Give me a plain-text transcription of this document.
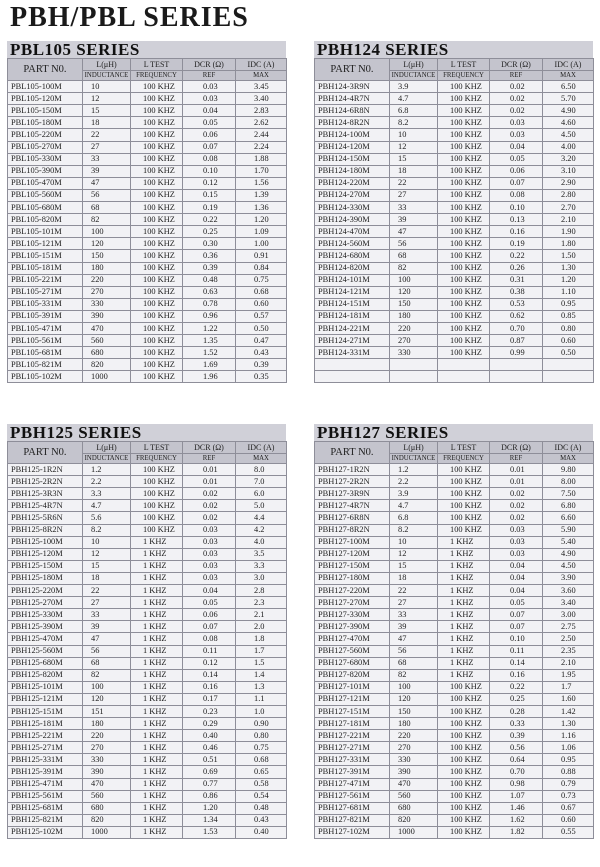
PBH/PBL SERIES
PBL105 SERIES
PART N0.	L(μH)	L TEST	DCR (Ω)	IDC (A)
	INDUCTANCE	FREQUENCY	REF	MAX
PBL105-100M	10	100 KHZ	0.03	3.45
PBL105-120M	12	100 KHZ	0.03	3.40
PBL105-150M	15	100 KHZ	0.04	2.83
PBL105-180M	18	100 KHZ	0.05	2.62
PBL105-220M	22	100 KHZ	0.06	2.44
PBL105-270M	27	100 KHZ	0.07	2.24
PBL105-330M	33	100 KHZ	0.08	1.88
PBL105-390M	39	100 KHZ	0.10	1.70
PBL105-470M	47	100 KHZ	0.12	1.56
PBL105-560M	56	100 KHZ	0.15	1.39
PBL105-680M	68	100 KHZ	0.19	1.36
PBL105-820M	82	100 KHZ	0.22	1.20
PBL105-101M	100	100 KHZ	0.25	1.09
PBL105-121M	120	100 KHZ	0.30	1.00
PBL105-151M	150	100 KHZ	0.36	0.91
PBL105-181M	180	100 KHZ	0.39	0.84
PBL105-221M	220	100 KHZ	0.48	0.75
PBL105-271M	270	100 KHZ	0.63	0.68
PBL105-331M	330	100 KHZ	0.78	0.60
PBL105-391M	390	100 KHZ	0.96	0.57
PBL105-471M	470	100 KHZ	1.22	0.50
PBL105-561M	560	100 KHZ	1.35	0.47
PBL105-681M	680	100 KHZ	1.52	0.43
PBL105-821M	820	100 KHZ	1.69	0.39
PBL105-102M	1000	100 KHZ	1.96	0.35
PBH124 SERIES
PART N0.	L(μH)	L TEST	DCR (Ω)	IDC (A)
	INDUCTANCE	FREQUENCY	REF	MAX
PBH124-3R9N	3.9	100 KHZ	0.02	6.50
PBH124-4R7N	4.7	100 KHZ	0.02	5.70
PBH124-6R8N	6.8	100 KHZ	0.02	4.90
PBH124-8R2N	8.2	100 KHZ	0.03	4.60
PBH124-100M	10	100 KHZ	0.03	4.50
PBH124-120M	12	100 KHZ	0.04	4.00
PBH124-150M	15	100 KHZ	0.05	3.20
PBH124-180M	18	100 KHZ	0.06	3.10
PBH124-220M	22	100 KHZ	0.07	2.90
PBH124-270M	27	100 KHZ	0.08	2.80
PBH124-330M	33	100 KHZ	0.10	2.70
PBH124-390M	39	100 KHZ	0.13	2.10
PBH124-470M	47	100 KHZ	0.16	1.90
PBH124-560M	56	100 KHZ	0.19	1.80
PBH124-680M	68	100 KHZ	0.22	1.50
PBH124-820M	82	100 KHZ	0.26	1.30
PBH124-101M	100	100 KHZ	0.31	1.20
PBH124-121M	120	100 KHZ	0.38	1.10
PBH124-151M	150	100 KHZ	0.53	0.95
PBH124-181M	180	100 KHZ	0.62	0.85
PBH124-221M	220	100 KHZ	0.70	0.80
PBH124-271M	270	100 KHZ	0.87	0.60
PBH124-331M	330	100 KHZ	0.99	0.50

PBH125 SERIES
PART N0.	L(μH)	L TEST	DCR (Ω)	IDC (A)
	INDUCTANCE	FREQUENCY	REF	MAX
PBH125-1R2N	1.2	100 KHZ	0.01	8.0
PBH125-2R2N	2.2	100 KHZ	0.01	7.0
PBH125-3R3N	3.3	100 KHZ	0.02	6.0
PBH125-4R7N	4.7	100 KHZ	0.02	5.0
PBH125-5R6N	5.6	100 KHZ	0.02	4.4
PBH125-8R2N	8.2	100 KHZ	0.03	4.2
PBH125-100M	10	1 KHZ	0.03	4.0
PBH125-120M	12	1 KHZ	0.03	3.5
PBH125-150M	15	1 KHZ	0.03	3.3
PBH125-180M	18	1 KHZ	0.03	3.0
PBH125-220M	22	1 KHZ	0.04	2.8
PBH125-270M	27	1 KHZ	0.05	2.3
PBH125-330M	33	1 KHZ	0.06	2.1
PBH125-390M	39	1 KHZ	0.07	2.0
PBH125-470M	47	1 KHZ	0.08	1.8
PBH125-560M	56	1 KHZ	0.11	1.7
PBH125-680M	68	1 KHZ	0.12	1.5
PBH125-820M	82	1 KHZ	0.14	1.4
PBH125-101M	100	1 KHZ	0.16	1.3
PBH125-121M	120	1 KHZ	0.17	1.1
PBH125-151M	151	1 KHZ	0.23	1.0
PBH125-181M	180	1 KHZ	0.29	0.90
PBH125-221M	220	1 KHZ	0.40	0.80
PBH125-271M	270	1 KHZ	0.46	0.75
PBH125-331M	330	1 KHZ	0.51	0.68
PBH125-391M	390	1 KHZ	0.69	0.65
PBH125-471M	470	1 KHZ	0.77	0.58
PBH125-561M	560	1 KHZ	0.86	0.54
PBH125-681M	680	1 KHZ	1.20	0.48
PBH125-821M	820	1 KHZ	1.34	0.43
PBH125-102M	1000	1 KHZ	1.53	0.40
PBH127 SERIES
PART N0.	L(μH)	L TEST	DCR (Ω)	IDC (A)
	INDUCTANCE	FREQUENCY	REF	MAX
PBH127-1R2N	1.2	100 KHZ	0.01	9.80
PBH127-2R2N	2.2	100 KHZ	0.01	8.00
PBH127-3R9N	3.9	100 KHZ	0.02	7.50
PBH127-4R7N	4.7	100 KHZ	0.02	6.80
PBH127-6R8N	6.8	100 KHZ	0.02	6.60
PBH127-8R2N	8.2	100 KHZ	0.03	5.90
PBH127-100M	10	1 KHZ	0.03	5.40
PBH127-120M	12	1 KHZ	0.03	4.90
PBH127-150M	15	1 KHZ	0.04	4.50
PBH127-180M	18	1 KHZ	0.04	3.90
PBH127-220M	22	1 KHZ	0.04	3.60
PBH127-270M	27	1 KHZ	0.05	3.40
PBH127-330M	33	1 KHZ	0.07	3.00
PBH127-390M	39	1 KHZ	0.07	2.75
PBH127-470M	47	1 KHZ	0.10	2.50
PBH127-560M	56	1 KHZ	0.11	2.35
PBH127-680M	68	1 KHZ	0.14	2.10
PBH127-820M	82	1 KHZ	0.16	1.95
PBH127-101M	100	100 KHZ	0.22	1.7
PBH127-121M	120	100 KHZ	0.25	1.60
PBH127-151M	150	100 KHZ	0.28	1.42
PBH127-181M	180	100 KHZ	0.33	1.30
PBH127-221M	220	100 KHZ	0.39	1.16
PBH127-271M	270	100 KHZ	0.56	1.06
PBH127-331M	330	100 KHZ	0.64	0.95
PBH127-391M	390	100 KHZ	0.70	0.88
PBH127-471M	470	100 KHZ	0.98	0.79
PBH127-561M	560	100 KHZ	1.07	0.73
PBH127-681M	680	100 KHZ	1.46	0.67
PBH127-821M	820	100 KHZ	1.62	0.60
PBH127-102M	1000	100 KHZ	1.82	0.55
